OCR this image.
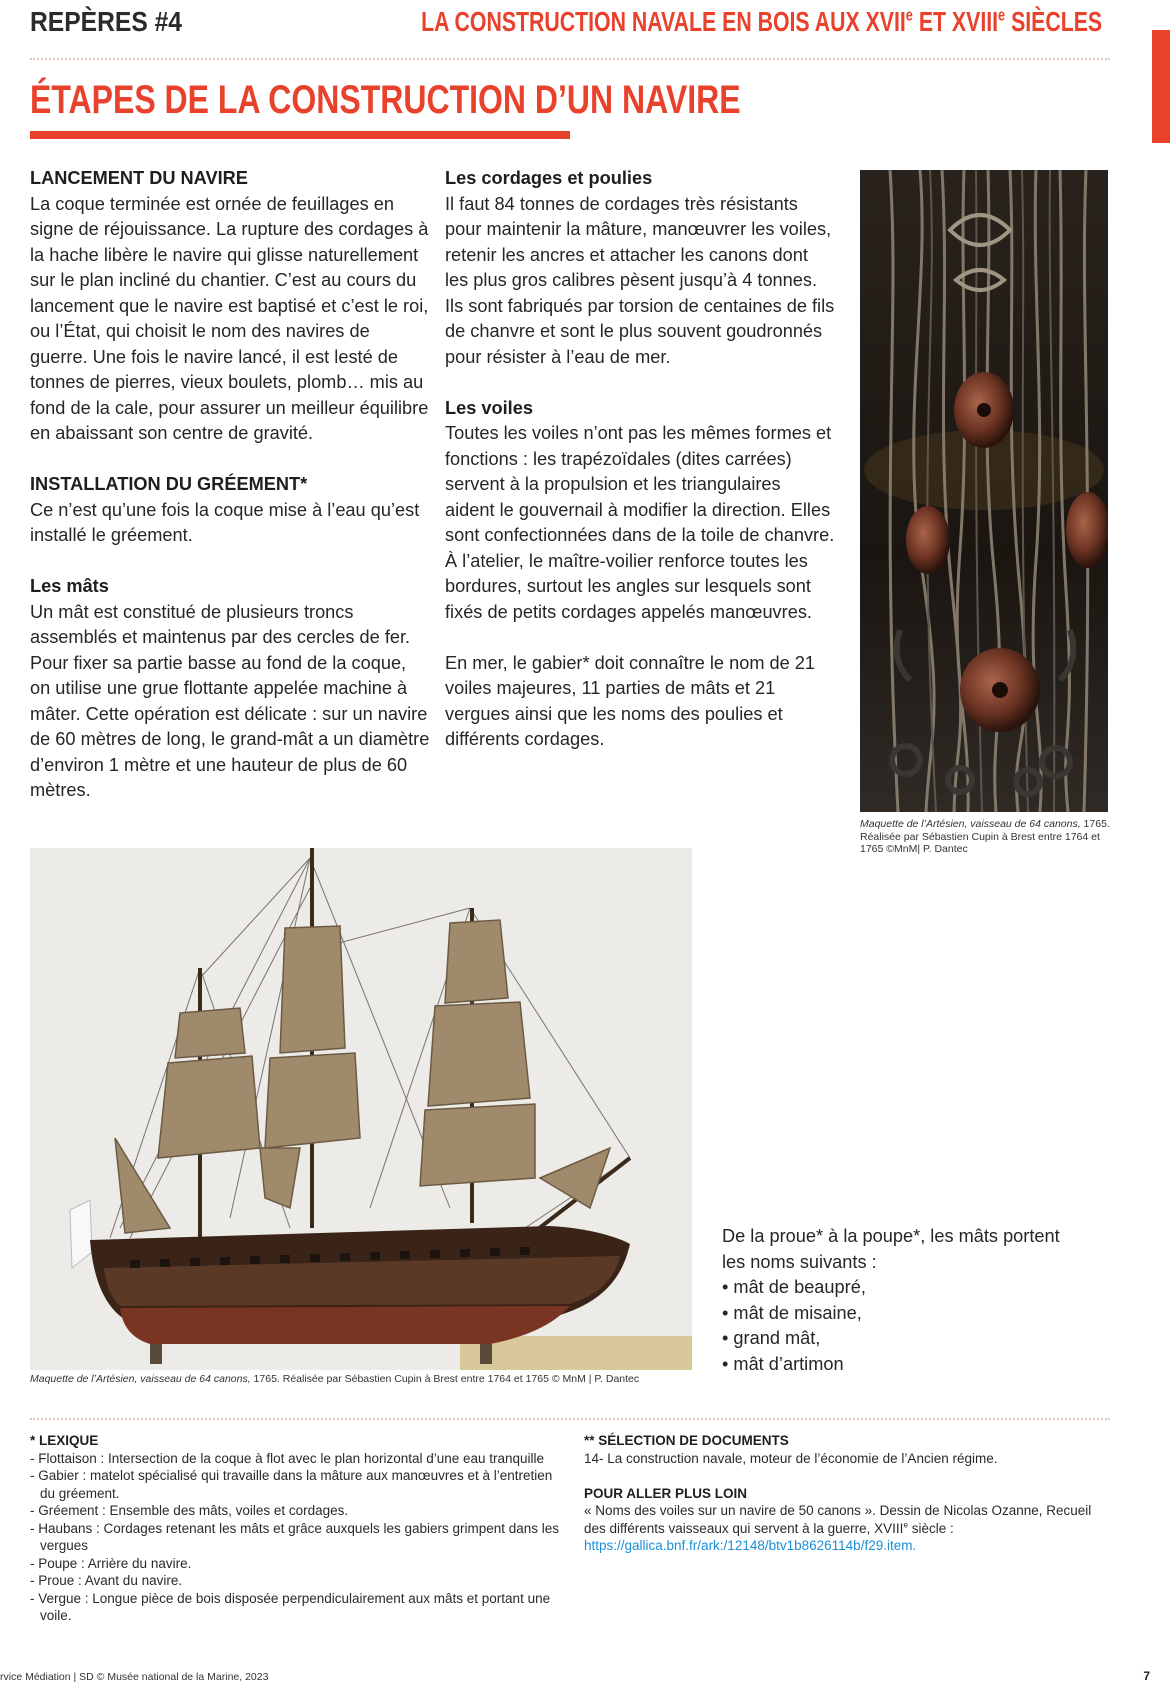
REPÈRES #4	LA CONSTRUCTION NAVALE EN BOIS AUX XVIIe ET XVIIIe SIÈCLES
ÉTAPES DE LA CONSTRUCTION D’UN NAVIRE

LANCEMENT DU NAVIRE

La coque terminée est ornée de feuillages en signe de réjouissance. La rupture des cordages à la hache libère le navire qui glisse naturellement sur le plan incliné du chantier. C’est au cours du lancement que le navire est baptisé et c’est le roi, ou l’État, qui choisit le nom des navires de guerre. Une fois le navire lancé, il est lesté de tonnes de pierres, vieux boulets, plomb… mis au fond de la cale, pour assurer un meilleur équilibre en abaissant son centre de gravité.

INSTALLATION DU GRÉEMENT*

Ce n’est qu’une fois la coque mise à l’eau qu’est installé le gréement.

Les mâts

Un mât est constitué de plusieurs troncs assemblés et maintenus par des cercles de fer. Pour fixer sa partie basse au fond de la coque, on utilise une grue flottante appelée machine à mâter. Cette opération est délicate : sur un navire de 60 mètres de long, le grand-mât a un diamètre d’environ 1 mètre et une hauteur de plus de 60 mètres.

Les cordages et poulies

Il faut 84 tonnes de cordages très résistants pour maintenir la mâture, manœuvrer les voiles, retenir les ancres et attacher les canons dont les plus gros calibres pèsent jusqu’à 4 tonnes.

Ils sont fabriqués par torsion de centaines de fils de chanvre et sont le plus souvent goudronnés pour résister à l’eau de mer.

Les voiles

Toutes les voiles n’ont pas les mêmes formes et fonctions : les trapézoïdales (dites carrées) servent à la propulsion et les triangulaires aident le gouvernail à modifier la direction. Elles sont confectionnées dans de la toile de chanvre. À l’atelier, le maître-voilier renforce toutes les bordures, surtout les angles sur lesquels sont fixés de petits cordages appelés manœuvres.

En mer, le gabier* doit connaître le nom de 21 voiles majeures, 11 parties de mâts et 21 vergues ainsi que les noms des poulies et différents cordages.

Maquette de l’Artésien, vaisseau de 64 canons, 1765. Réalisée par Sébastien Cupin à Brest entre 1764 et 1765 ©MnM| P. Dantec
Maquette de l’Artésien, vaisseau de 64 canons, 1765. Réalisée par Sébastien Cupin à Brest entre 1764 et 1765 © MnM | P. Dantec

De la proue* à la poupe*, les mâts portent les noms suivants :

• mât de beaupré,
• mât de misaine,
• grand mât,
• mât d’artimon
* LEXIQUE
- Flottaison : Intersection de la coque à flot avec le plan horizontal d’une eau tranquille
- Gabier : matelot spécialisé qui travaille dans la mâture aux manœuvres et à l’entretien du gréement.
- Gréement : Ensemble des mâts, voiles et cordages.
- Haubans : Cordages retenant les mâts et grâce auxquels les gabiers grimpent dans les vergues
- Poupe : Arrière du navire.
- Proue : Avant du navire.
- Vergue : Longue pièce de bois disposée perpendiculairement aux mâts et portant une voile.

** SÉLECTION DE DOCUMENTS

14- La construction navale, moteur de l’économie de l’Ancien régime.

POUR ALLER PLUS LOIN

« Noms des voiles sur un navire de 50 canons ». Dessin de Nicolas Ozanne, Recueil des différents vaisseaux qui servent à la guerre, XVIIIe siècle :

https://gallica.bnf.fr/ark:/12148/btv1b8626114b/f29.item.

rvice Médiation | SD © Musée national de la Marine, 2023	7
